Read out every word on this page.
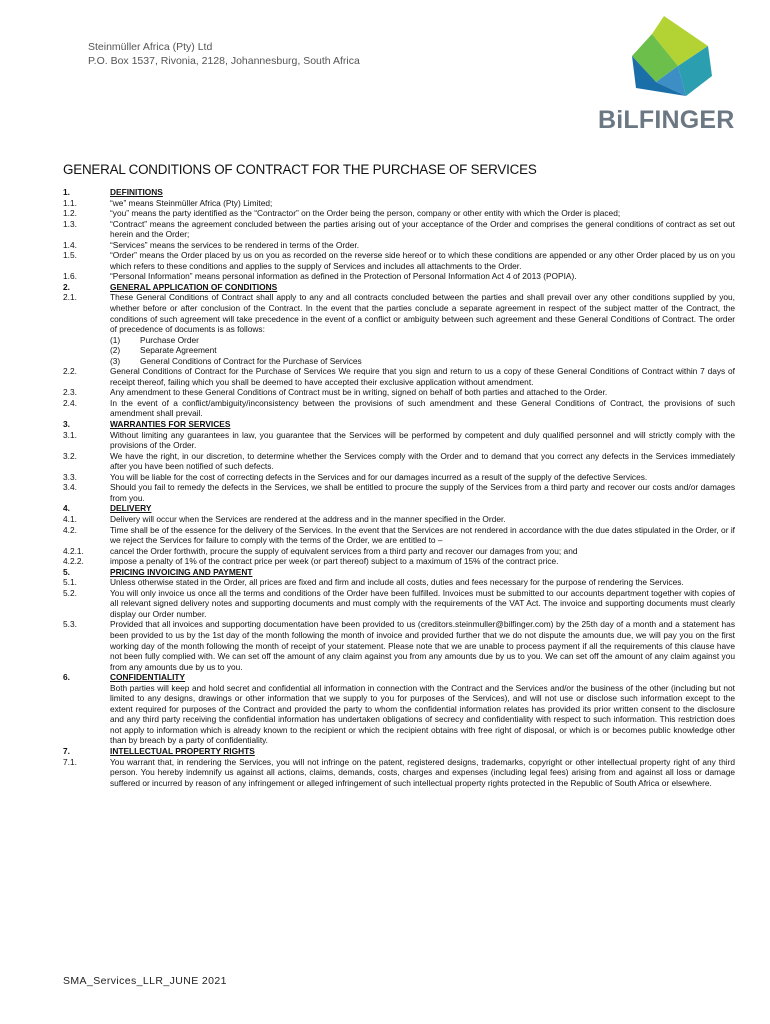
Steinmüller Africa (Pty) Ltd
P.O. Box 1537, Rivonia, 2128, Johannesburg, South Africa
BiLFINGER
GENERAL CONDITIONS OF CONTRACT FOR THE PURCHASE OF SERVICES
1.	DEFINITIONS
1.1.	“we” means Steinmüller Africa (Pty) Limited;
1.2.	“you” means the party identified as the “Contractor” on the Order being the person, company or other entity with which the Order is placed;
1.3.	“Contract” means the agreement concluded between the parties arising out of your acceptance of the Order and comprises the general conditions of contract as set out herein and the Order;
1.4.	“Services” means the services to be rendered in terms of the Order.
1.5.	“Order” means the Order placed by us on you as recorded on the reverse side hereof or to which these conditions are appended or any other Order placed by us on you which refers to these conditions and applies to the supply of Services and includes all attachments to the Order.
1.6.	“Personal Information” means personal information as defined in the Protection of Personal Information Act 4 of 2013 (POPIA).
2.	GENERAL APPLICATION OF CONDITIONS
2.1.	These General Conditions of Contract shall apply to any and all contracts concluded between the parties and shall prevail over any other conditions supplied by you, whether before or after conclusion of the Contract. In the event that the parties conclude a separate agreement in respect of the subject matter of the Contract, the conditions of such agreement will take precedence in the event of a conflict or ambiguity between such agreement and these General Conditions of Contract. The order of precedence of documents is as follows:
(1) Purchase Order
(2) Separate Agreement
(3) General Conditions of Contract for the Purchase of Services
2.2.	General Conditions of Contract for the Purchase of Services We require that you sign and return to us a copy of these General Conditions of Contract within 7 days of receipt thereof, failing which you shall be deemed to have accepted their exclusive application without amendment.
2.3.	Any amendment to these General Conditions of Contract must be in writing, signed on behalf of both parties and attached to the Order.
2.4.	In the event of a conflict/ambiguity/inconsistency between the provisions of such amendment and these General Conditions of Contract, the provisions of such amendment shall prevail.
3.	WARRANTIES FOR SERVICES
3.1.	Without limiting any guarantees in law, you guarantee that the Services will be performed by competent and duly qualified personnel and will strictly comply with the provisions of the Order.
3.2.	We have the right, in our discretion, to determine whether the Services comply with the Order and to demand that you correct any defects in the Services immediately after you have been notified of such defects.
3.3.	You will be liable for the cost of correcting defects in the Services and for our damages incurred as a result of the supply of the defective Services.
3.4.	Should you fail to remedy the defects in the Services, we shall be entitled to procure the supply of the Services from a third party and recover our costs and/or damages from you.
4.	DELIVERY
4.1.	Delivery will occur when the Services are rendered at the address and in the manner specified in the Order.
4.2.	Time shall be of the essence for the delivery of the Services. In the event that the Services are not rendered in accordance with the due dates stipulated in the Order, or if we reject the Services for failure to comply with the terms of the Order, we are entitled to –
4.2.1.	cancel the Order forthwith, procure the supply of equivalent services from a third party and recover our damages from you; and
4.2.2.	impose a penalty of 1% of the contract price per week (or part thereof) subject to a maximum of 15% of the contract price.
5.	PRICING INVOICING AND PAYMENT
5.1.	Unless otherwise stated in the Order, all prices are fixed and firm and include all costs, duties and fees necessary for the purpose of rendering the Services.
5.2.	You will only invoice us once all the terms and conditions of the Order have been fulfilled. Invoices must be submitted to our accounts department together with copies of all relevant signed delivery notes and supporting documents and must comply with the requirements of the VAT Act. The invoice and supporting documents must clearly display our Order number.
5.3.	Provided that all invoices and supporting documentation have been provided to us (creditors.steinmuller@bilfinger.com) by the 25th day of a month and a statement has been provided to us by the 1st day of the month following the month of invoice and provided further that we do not dispute the amounts due, we will pay you on the first working day of the month following the month of receipt of your statement. Please note that we are unable to process payment if all the requirements of this clause have not been fully complied with. We can set off the amount of any claim against you from any amounts due by us to you. We can set off the amount of any claim against you from any amounts due by us to you.
6.	CONFIDENTIALITY
Both parties will keep and hold secret and confidential all information in connection with the Contract and the Services and/or the business of the other (including but not limited to any designs, drawings or other information that we supply to you for purposes of the Services), and will not use or disclose such information except to the extent required for purposes of the Contract and provided the party to whom the confidential information relates has provided its prior written consent to the disclosure and any third party receiving the confidential information has undertaken obligations of secrecy and confidentiality with respect to such information. This restriction does not apply to information which is already known to the recipient or which the recipient obtains with free right of disposal, or which is or becomes public knowledge other than by breach by a party of confidentiality.
7.	INTELLECTUAL PROPERTY RIGHTS
7.1.	You warrant that, in rendering the Services, you will not infringe on the patent, registered designs, trademarks, copyright or other intellectual property right of any third person. You hereby indemnify us against all actions, claims, demands, costs, charges and expenses (including legal fees) arising from and against all loss or damage suffered or incurred by reason of any infringement or alleged infringement of such intellectual property rights protected in the Republic of South Africa or elsewhere.
SMA_Services_LLR_JUNE 2021
